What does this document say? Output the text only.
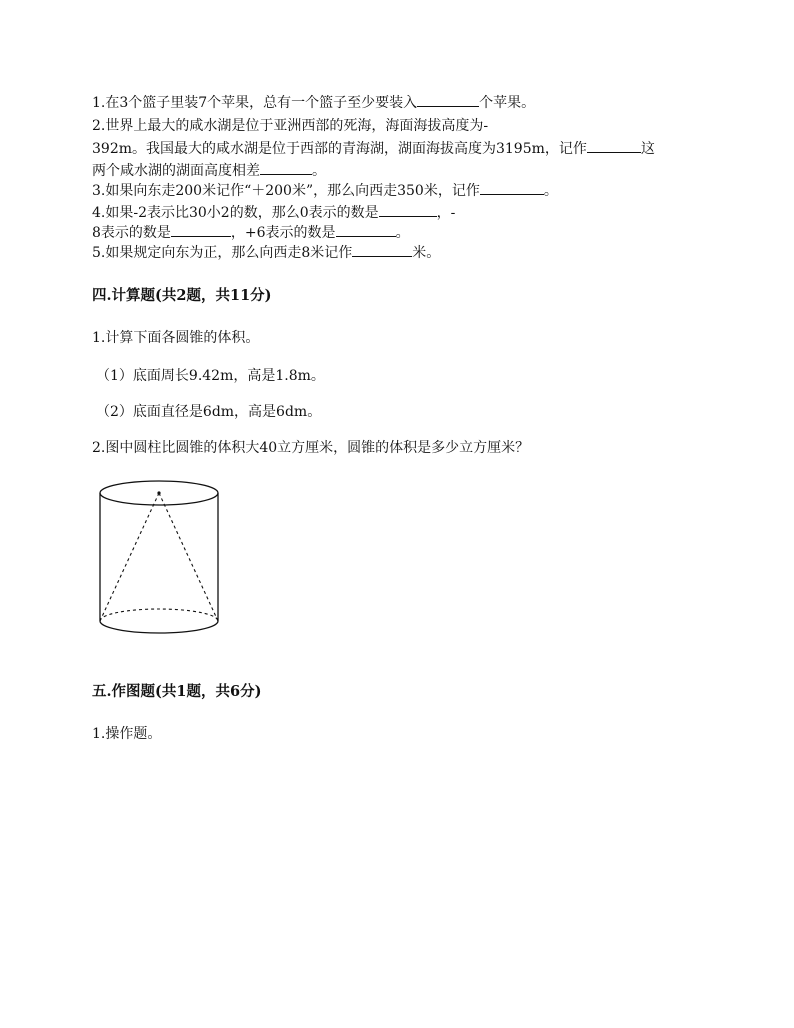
1.在3个篮子里装7个苹果，总有一个篮子至少要装入	个苹果。
2.世界上最大的咸水湖是位于亚洲西部的死海，海面海拔高度为-
392m。我国最大的咸水湖是位于西部的青海湖，湖面海拔高度为3195m，记作	这
两个咸水湖的湖面高度相差	。
3.如果向东走200米记作“＋200米”，那么向西走350米，记作	。
4.如果-2表示比30小2的数，那么0表示的数是	，-
8表示的数是	，+6表示的数是	。
5.如果规定向东为正，那么向西走8米记作	米。
四.计算题(共2题，共11分)
1.计算下面各圆锥的体积。
（1）底面周长9.42m，高是1.8m。
（2）底面直径是6dm，高是6dm。
2.图中圆柱比圆锥的体积大40立方厘米，圆锥的体积是多少立方厘米？
五.作图题(共1题，共6分)
1.操作题。
